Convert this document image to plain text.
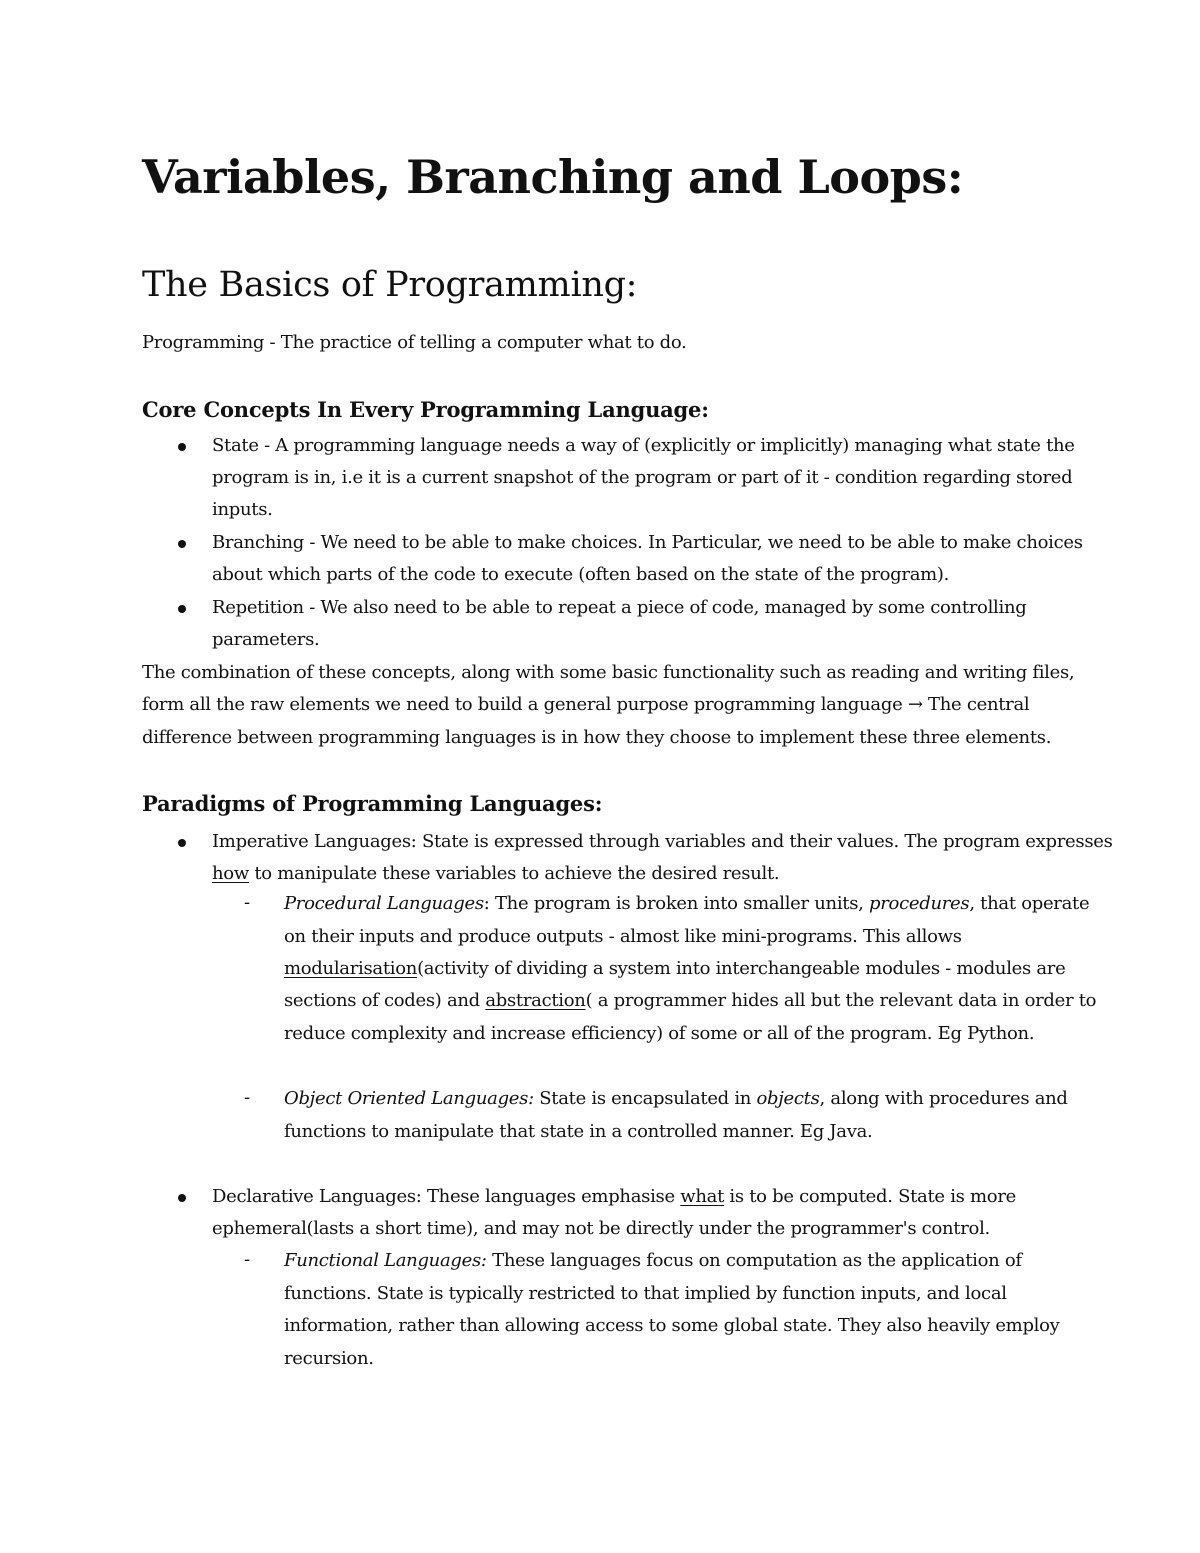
Variables, Branching and Loops:
The Basics of Programming:
Programming - The practice of telling a computer what to do.
Core Concepts In Every Programming Language:
State - A programming language needs a way of (explicitly or implicitly) managing what state the
program is in, i.e it is a current snapshot of the program or part of it - condition regarding stored
inputs.
Branching - We need to be able to make choices. In Particular, we need to be able to make choices
about which parts of the code to execute (often based on the state of the program).
Repetition - We also need to be able to repeat a piece of code, managed by some controlling
parameters.
The combination of these concepts, along with some basic functionality such as reading and writing files,
form all the raw elements we need to build a general purpose programming language → The central
difference between programming languages is in how they choose to implement these three elements.
Paradigms of Programming Languages:
Imperative Languages: State is expressed through variables and their values. The program expresses
how to manipulate these variables to achieve the desired result.
- Procedural Languages: The program is broken into smaller units, procedures, that operate
on their inputs and produce outputs - almost like mini-programs. This allows
modularisation(activity of dividing a system into interchangeable modules - modules are
sections of codes) and abstraction( a programmer hides all but the relevant data in order to
reduce complexity and increase efficiency) of some or all of the program. Eg Python.
- Object Oriented Languages: State is encapsulated in objects, along with procedures and
functions to manipulate that state in a controlled manner. Eg Java.
Declarative Languages: These languages emphasise what is to be computed. State is more
ephemeral(lasts a short time), and may not be directly under the programmer's control.
- Functional Languages: These languages focus on computation as the application of
functions. State is typically restricted to that implied by function inputs, and local
information, rather than allowing access to some global state. They also heavily employ
recursion.
